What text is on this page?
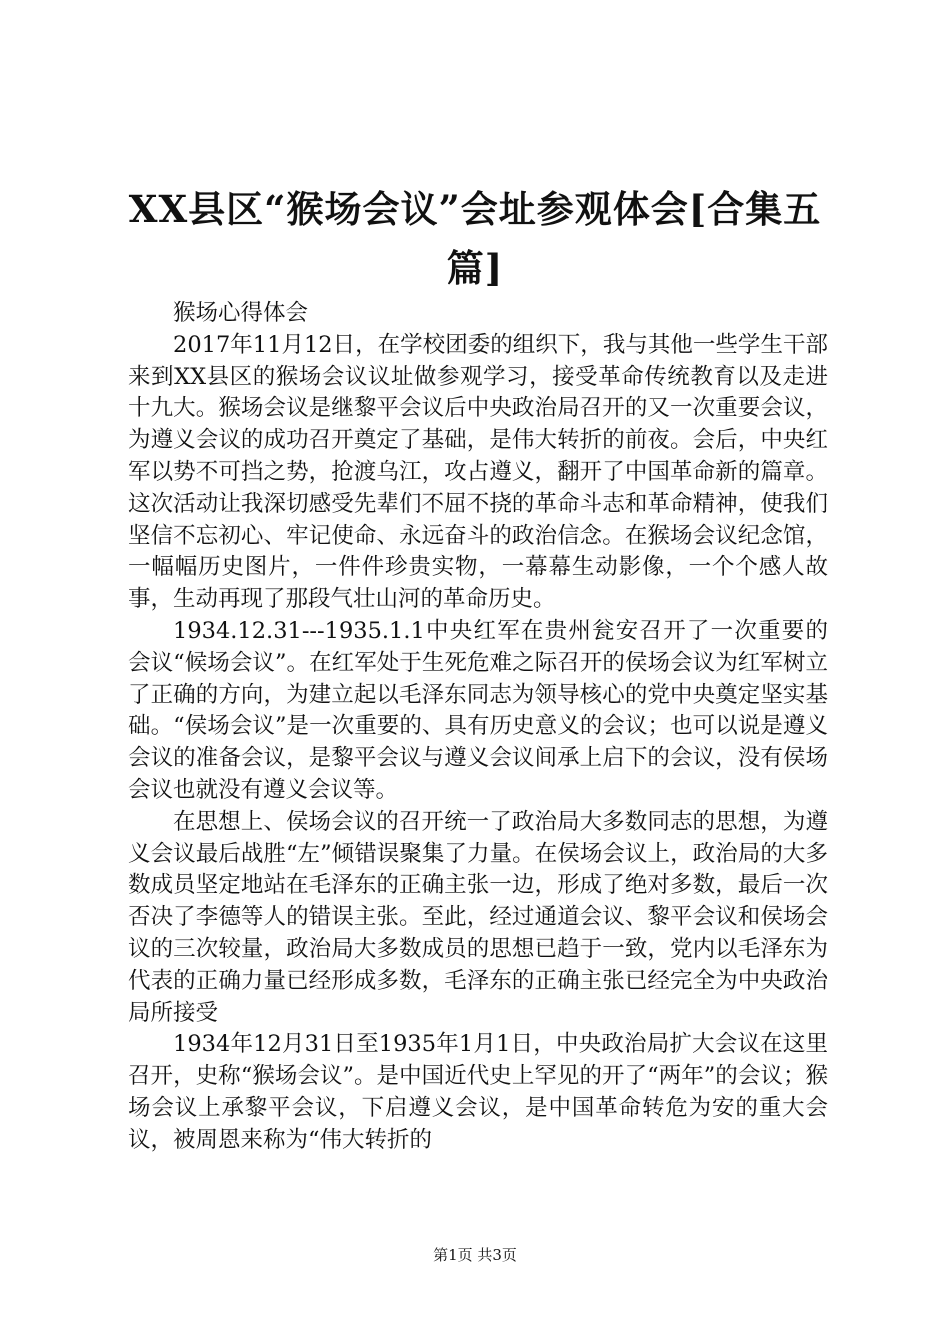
XX县区“猴场会议”会址参观体会[合集五篇]

猴场心得体会

2017年11月12日，在学校团委的组织下，我与其他一些学生干部来到XX县区的猴场会议议址做参观学习，接受革命传统教育以及走进十九大。猴场会议是继黎平会议后中央政治局召开的又一次重要会议，为遵义会议的成功召开奠定了基础，是伟大转折的前夜。会后，中央红军以势不可挡之势，抢渡乌江，攻占遵义，翻开了中国革命新的篇章。这次活动让我深切感受先辈们不屈不挠的革命斗志和革命精神，使我们坚信不忘初心、牢记使命、永远奋斗的政治信念。在猴场会议纪念馆，一幅幅历史图片，一件件珍贵实物，一幕幕生动影像，一个个感人故事，生动再现了那段气壮山河的革命历史。

1934.12.31---1935.1.1中央红军在贵州瓮安召开了一次重要的会议“候场会议”。在红军处于生死危难之际召开的侯场会议为红军树立了正确的方向，为建立起以毛泽东同志为领导核心的党中央奠定坚实基础。“侯场会议”是一次重要的、具有历史意义的会议；也可以说是遵义会议的准备会议，是黎平会议与遵义会议间承上启下的会议，没有侯场会议也就没有遵义会议等。

在思想上、侯场会议的召开统一了政治局大多数同志的思想，为遵义会议最后战胜“左”倾错误聚集了力量。在侯场会议上，政治局的大多数成员坚定地站在毛泽东的正确主张一边，形成了绝对多数，最后一次否决了李德等人的错误主张。至此，经过通道会议、黎平会议和侯场会议的三次较量，政治局大多数成员的思想已趋于一致，党内以毛泽东为代表的正确力量已经形成多数，毛泽东的正确主张已经完全为中央政治局所接受

1934年12月31日至1935年1月1日，中央政治局扩大会议在这里召开，史称“猴场会议”。是中国近代史上罕见的开了“两年”的会议；猴场会议上承黎平会议，下启遵义会议，是中国革命转危为安的重大会议，被周恩来称为“伟大转折的

第1页 共3页
